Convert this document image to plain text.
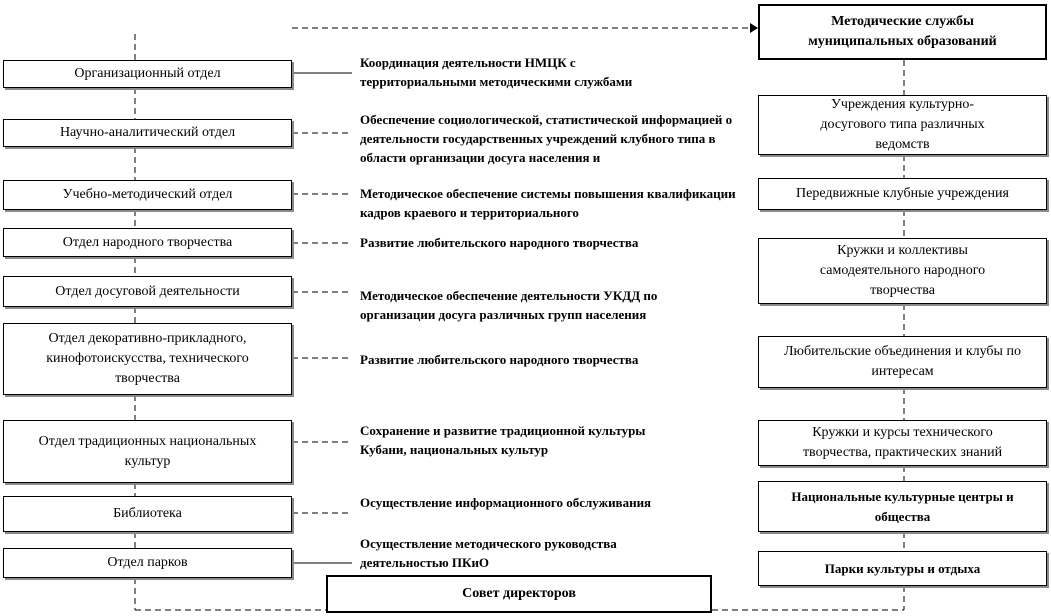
Методические службы муниципальных образований
Совет директоров
Организационный отдел
Научно-аналитический отдел
Учебно-методический отдел
Отдел народного творчества
Отдел досуговой деятельности
Отдел декоративно-прикладного, кинофотоискусства, технического творчества
Отдел традиционных национальных культур
Библиотека
Отдел парков
Координация деятельности НМЦК с территориальными методическими службами
Обеспечение социологической, статистической информацией о деятельности государственных учреждений клубного типа в области организации досуга населения и
Методическое обеспечение системы повышения квалификации кадров краевого и территориального
Развитие любительского народного творчества
Методическое обеспечение деятельности УКДД по организации досуга различных групп населения
Развитие любительского народного творчества
Сохранение и развитие традиционной культуры Кубани, национальных культур
Осуществление информационного обслуживания
Осуществление методического руководства деятельностью ПКиО
Учреждения культурно-досугового типа различных ведомств
Передвижные клубные учреждения
Кружки и коллективы самодеятельного народного творчества
Любительские объединения и клубы по интересам
Кружки и курсы технического творчества, практических знаний
Национальные культурные центры и общества
Парки культуры и отдыха
